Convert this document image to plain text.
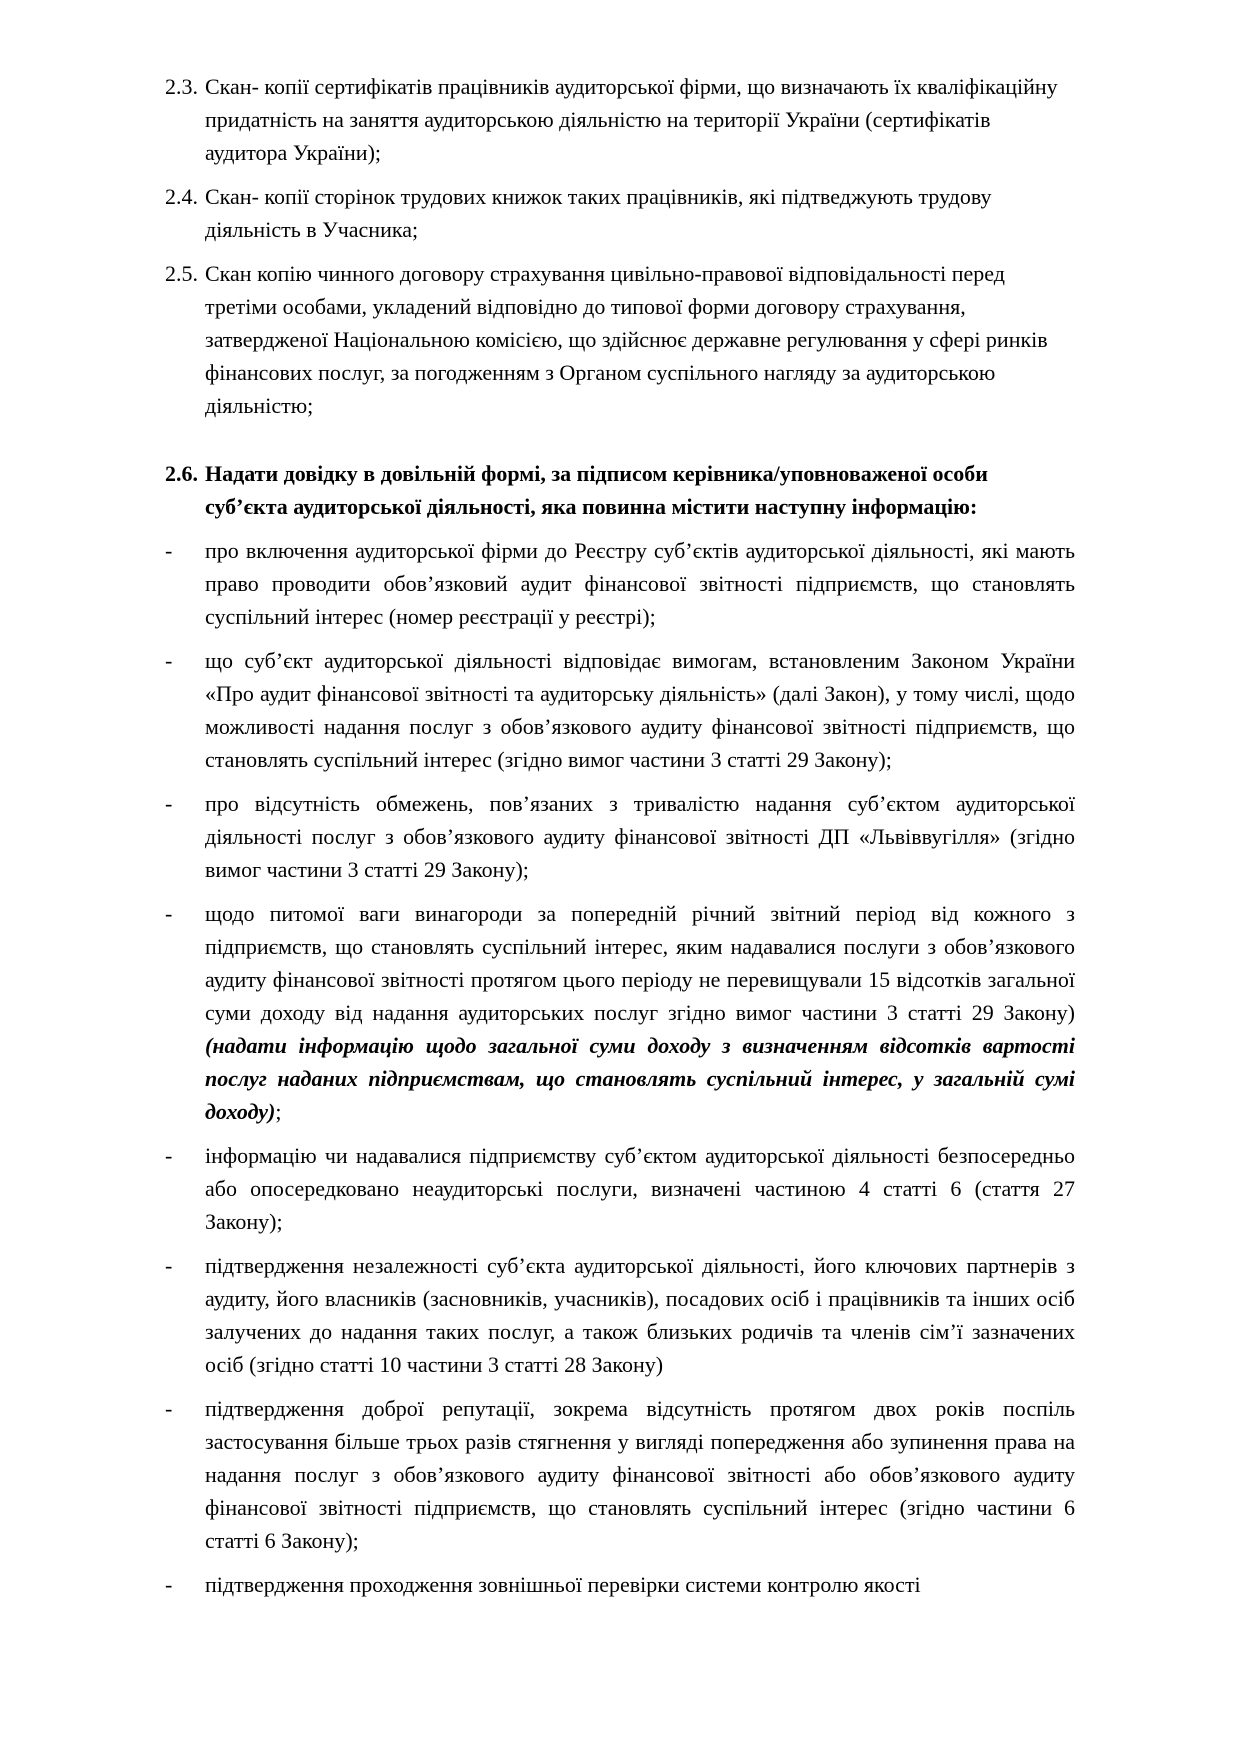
2.3. Скан- копії сертифікатів працівників аудиторської фірми, що визначають їх кваліфікаційну придатність на заняття аудиторською діяльністю на території України (сертифікатів аудитора України);
2.4. Скан- копії сторінок трудових книжок таких працівників, які підтведжують трудову діяльність в Учасника;
2.5. Скан копію чинного договору страхування цивільно-правової відповідальності перед третіми особами, укладений відповідно до типової форми договору страхування, затвердженої Національною комісією, що здійснює державне регулювання у сфері ринків фінансових послуг, за погодженням з Органом суспільного нагляду за аудиторською діяльністю;
2.6. Надати довідку в довільній формі, за підписом керівника/уповноваженої особи суб’єкта аудиторської діяльності, яка повинна містити наступну інформацію:
- про включення аудиторської фірми до Реєстру суб’єктів аудиторської діяльності, які мають право проводити обов’язковий аудит фінансової звітності підприємств, що становлять суспільний інтерес (номер реєстрації у реєстрі);
- що суб’єкт аудиторської діяльності відповідає вимогам, встановленим Законом України «Про аудит фінансової звітності та аудиторську діяльність» (далі Закон), у тому числі, щодо можливості надання послуг з обов’язкового аудиту фінансової звітності підприємств, що становлять суспільний інтерес (згідно вимог частини 3 статті 29 Закону);
- про відсутність обмежень, пов’язаних з тривалістю надання суб’єктом аудиторської діяльності послуг з обов’язкового аудиту фінансової звітності ДП «Львіввугілля» (згідно вимог частини 3 статті 29 Закону);
- щодо питомої ваги винагороди за попередній річний звітний період від кожного з підприємств, що становлять суспільний інтерес, яким надавалися послуги з обов’язкового аудиту фінансової звітності протягом цього періоду не перевищували 15 відсотків загальної суми доходу від надання аудиторських послуг згідно вимог частини 3 статті 29 Закону) (надати інформацію щодо загальної суми доходу з визначенням відсотків вартості послуг наданих підприємствам, що становлять суспільний інтерес, у загальній сумі доходу);
- інформацію чи надавалися підприємству суб’єктом аудиторської діяльності безпосередньо або опосередковано неаудиторські послуги, визначені частиною 4 статті 6 (стаття 27 Закону);
- підтвердження незалежності суб’єкта аудиторської діяльності, його ключових партнерів з аудиту, його власників (засновників, учасників), посадових осіб і працівників та інших осіб залучених до надання таких послуг, а також близьких родичів та членів сім’ї зазначених осіб (згідно статті 10 частини 3 статті 28 Закону)
- підтвердження доброї репутації, зокрема відсутність протягом двох років поспіль застосування більше трьох разів стягнення у вигляді попередження або зупинення права на надання послуг з обов’язкового аудиту фінансової звітності або обов’язкового аудиту фінансової звітності підприємств, що становлять суспільний інтерес (згідно частини 6 статті 6 Закону);
- підтвердження проходження зовнішньої перевірки системи контролю якості
